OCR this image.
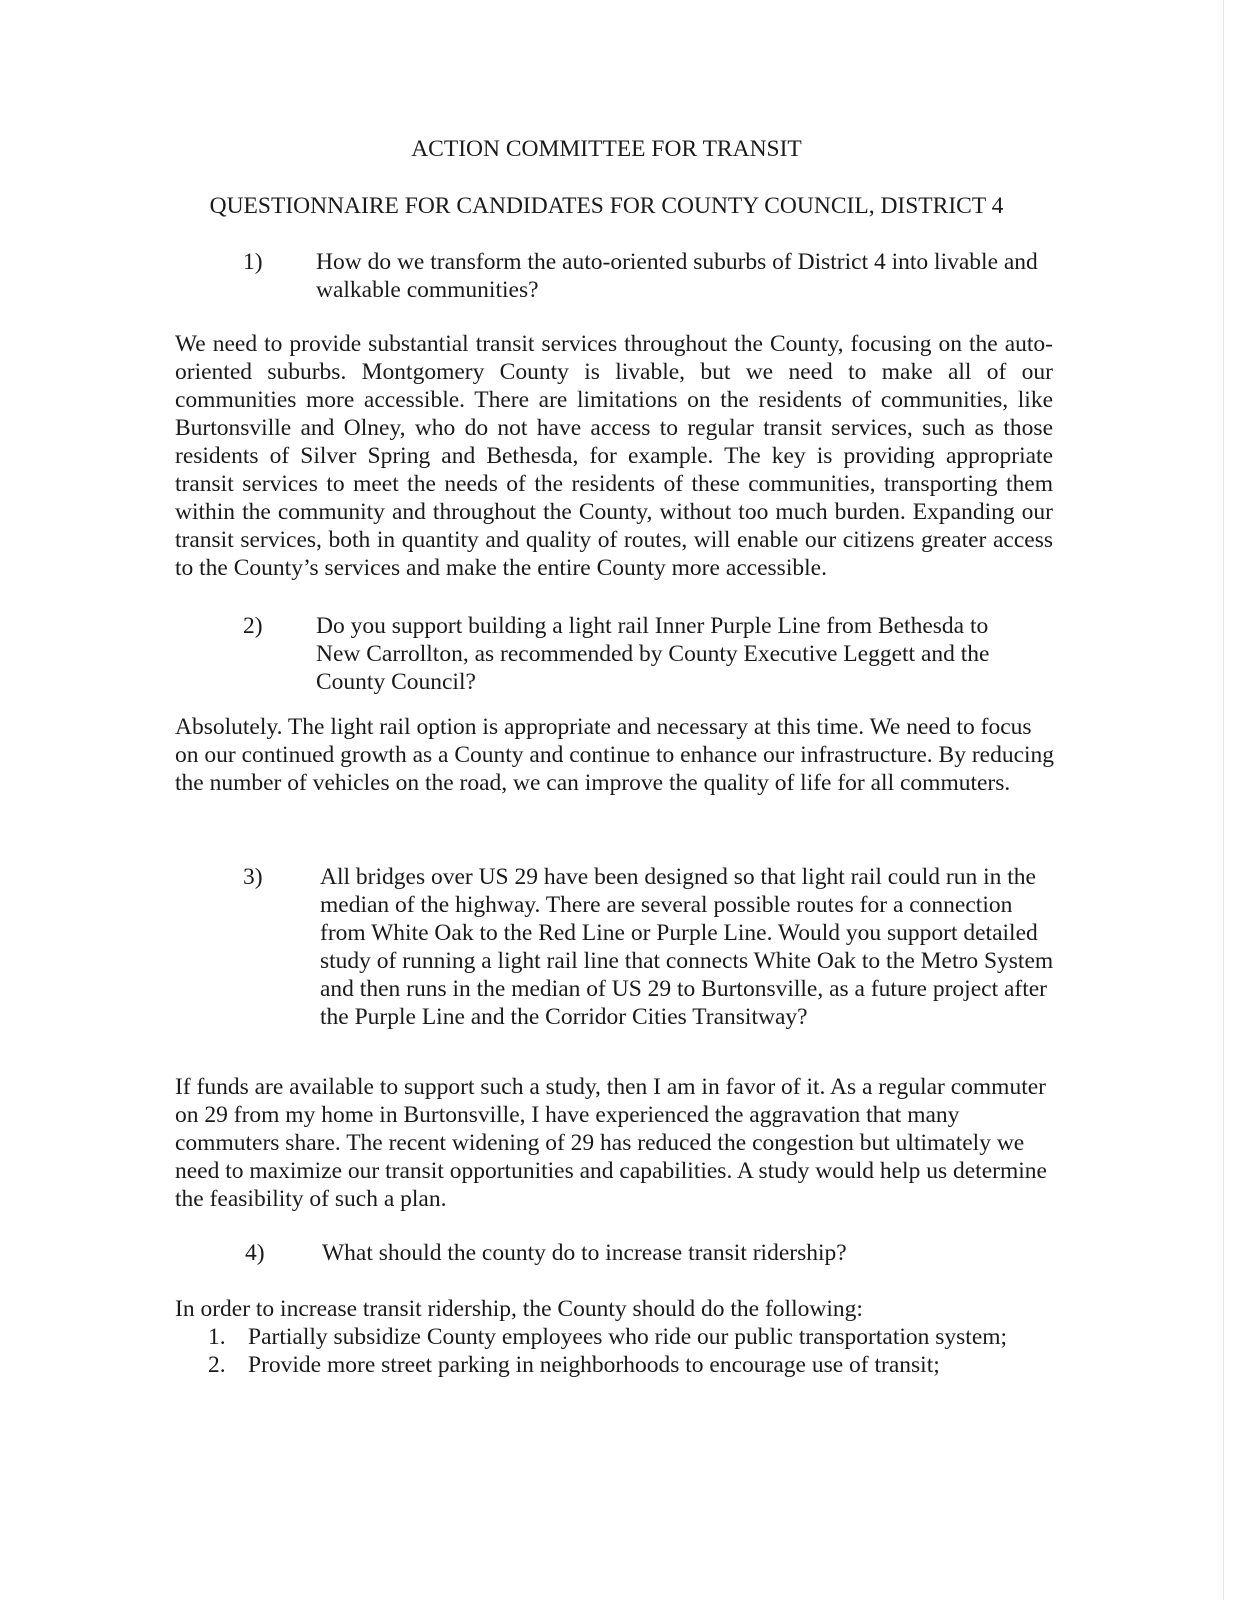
ACTION COMMITTEE FOR TRANSIT
QUESTIONNAIRE FOR CANDIDATES FOR COUNTY COUNCIL, DISTRICT 4
1) How do we transform the auto-oriented suburbs of District 4 into livable and walkable communities?
We need to provide substantial transit services throughout the County, focusing on the auto-oriented suburbs. Montgomery County is livable, but we need to make all of our communities more accessible. There are limitations on the residents of communities, like Burtonsville and Olney, who do not have access to regular transit services, such as those residents of Silver Spring and Bethesda, for example. The key is providing appropriate transit services to meet the needs of the residents of these communities, transporting them within the community and throughout the County, without too much burden. Expanding our transit services, both in quantity and quality of routes, will enable our citizens greater access to the County’s services and make the entire County more accessible.
2) Do you support building a light rail Inner Purple Line from Bethesda to New Carrollton, as recommended by County Executive Leggett and the County Council?
Absolutely. The light rail option is appropriate and necessary at this time. We need to focus on our continued growth as a County and continue to enhance our infrastructure. By reducing the number of vehicles on the road, we can improve the quality of life for all commuters.
3) All bridges over US 29 have been designed so that light rail could run in the median of the highway. There are several possible routes for a connection from White Oak to the Red Line or Purple Line. Would you support detailed study of running a light rail line that connects White Oak to the Metro System and then runs in the median of US 29 to Burtonsville, as a future project after the Purple Line and the Corridor Cities Transitway?
If funds are available to support such a study, then I am in favor of it. As a regular commuter on 29 from my home in Burtonsville, I have experienced the aggravation that many commuters share. The recent widening of 29 has reduced the congestion but ultimately we need to maximize our transit opportunities and capabilities. A study would help us determine the feasibility of such a plan.
4) What should the county do to increase transit ridership?
In order to increase transit ridership, the County should do the following:
1. Partially subsidize County employees who ride our public transportation system;
2. Provide more street parking in neighborhoods to encourage use of transit;
